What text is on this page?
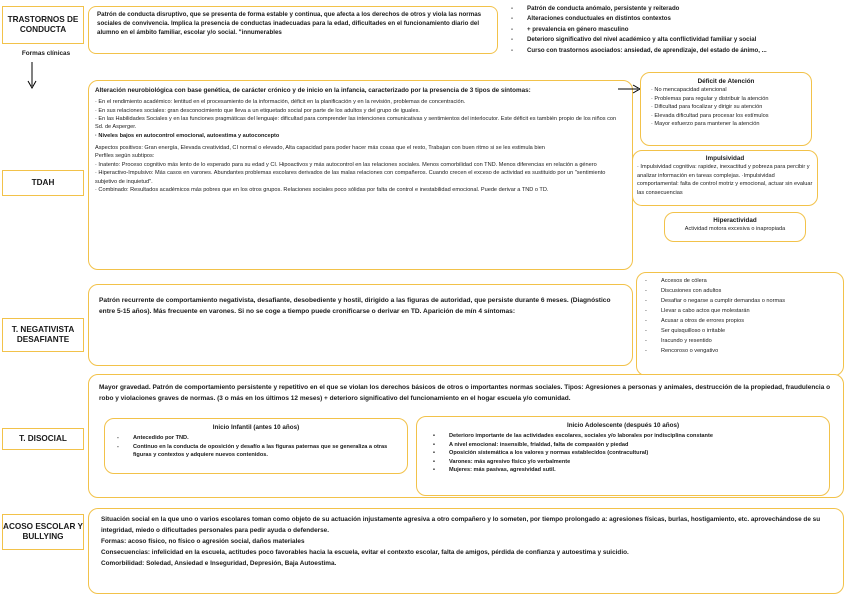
TRASTORNOS DE CONDUCTA
Formas clínicas

Patrón de conducta disruptivo, que se presenta de forma estable y continua, que afecta a los derechos de otros y viola las normas sociales de convivencia. Implica la presencia de conductas inadecuadas para la edad, dificultades en el funcionamiento diario del alumno en el ámbito familiar, escolar y/o social. "innumerables

- Patrón de conducta anómalo, persistente y reiterado
- Alteraciones conductuales en distintos contextos
- + prevalencia en género masculino
- Deterioro significativo del nivel académico y alta conflictividad familiar y social
- Curso con trastornos asociados: ansiedad, de aprendizaje, del estado de ánimo, ...
TDAH

Alteración neurobiológica con base genética, de carácter crónico y de inicio en la infancia, caracterizado por la presencia de 3 tipos de síntomas:

· En el rendimiento académico: lentitud en el procesamiento de la información, déficit en la planificación y en la revisión, problemas de concentración.

· En sus relaciones sociales: gran desconocimiento que lleva a un etiquetado social por parte de los adultos y del grupo de iguales.

· En las Habilidades Sociales y en las funciones pragmáticas del lenguaje: dificultad para comprender las intenciones comunicativas y sentimientos del interlocutor. Este déficit es también propio de los niños con Sd. de Asperger.

· Niveles bajos en autocontrol emocional, autoestima y autoconcepto

Aspectos positivos: Gran energía, Elevada creatividad, CI normal o elevado, Alta capacidad para poder hacer más cosas que el resto, Trabajan con buen ritmo si se les estimula bien

Perfiles según subtipos:

· Inatento: Proceso cognitivo más lento de lo esperado para su edad y CI. Hipoactivos y más autocontrol en las relaciones sociales. Menos comorbilidad con TND. Menos diferencias en relación a género

· Hiperactivo-Impulsivo: Más casos en varones. Abundantes problemas escolares derivados de las malas relaciones con compañeros. Cuando crecen el exceso de actividad es sustituido por un "sentimiento subjetivo de inquietud".

· Combinado: Resultados académicos más pobres que en los otros grupos. Relaciones sociales poco sólidas por falta de control e inestabilidad emocional. Puede derivar a TND o TD.

Déficit de Atención

· No mencapacidad atencional

· Problemas para regular y distribuir la atención

· Dificultad para focalizar y dirigir su atención

· Elevada dificultad para procesar los estímulos

· Mayor esfuerzo para mantener la atención

Impulsividad

· Impulsividad cognitiva: rapidez, inexactitud y pobreza para percibir y analizar información en tareas complejas. ·Impulsividad comportamental: falta de control motriz y emocional, actuar sin evaluar las consecuencias

Hiperactividad

Actividad motora excesiva o inapropiada

T. NEGATIVISTA DESAFIANTE

Patrón recurrente de comportamiento negativista, desafiante, desobediente y hostil, dirigido a las figuras de autoridad, que persiste durante 6 meses. (Diagnóstico entre 5-15 años). Más frecuente en varones. Si no se coge a tiempo puede cronificarse o derivar en TD. Aparición de mín 4 síntomas:

- Accesos de cólera
- Discusiones con adultos
- Desafiar o negarse a cumplir demandas o normas
- Llevar a cabo actos que molestarán
- Acusar a otros de errores propios
- Ser quisquilloso o irritable
- Iracundo y resentido
- Rencoroso o vengativo
T. DISOCIAL

Mayor gravedad. Patrón de comportamiento persistente y repetitivo en el que se violan los derechos básicos de otros o importantes normas sociales. Tipos: Agresiones a personas y animales, destrucción de la propiedad, fraudulencia o robo y violaciones graves de normas. (3 o más en los últimos 12 meses) + deterioro significativo del funcionamiento en el hogar escuela y/o comunidad.

Inicio Infantil (antes 10 años)

- Antecedido por TND.
- Continuo en la conducta de oposición y desafío a las figuras paternas que se generaliza a otras figuras y contextos y adquiere nuevos contenidos.

Inicio Adolescente (después 10 años)

• Deterioro importante de las actividades escolares, sociales y/o laborales por indisciplina constante
• A nivel emocional: insensible, frialdad, falta de compasión y piedad
• Oposición sistemática a los valores y normas establecidos (contracultural)
• Varones: más agresivo físico y/o verbalmente
• Mujeres: más pasivas, agresividad sutil.
ACOSO ESCOLAR Y BULLYING

Situación social en la que uno o varios escolares toman como objeto de su actuación injustamente agresiva a otro compañero y lo someten, por tiempo prolongado a: agresiones físicas, burlas, hostigamiento, etc. aprovechándose de su integridad, miedo o dificultades personales para pedir ayuda o defenderse.

Formas: acoso físico, no físico o agresión social, daños materiales

Consecuencias: infelicidad en la escuela, actitudes poco favorables hacia la escuela, evitar el contexto escolar, falta de amigos, pérdida de confianza y autoestima y suicidio.

Comorbilidad: Soledad, Ansiedad e Inseguridad, Depresión, Baja Autoestima.
